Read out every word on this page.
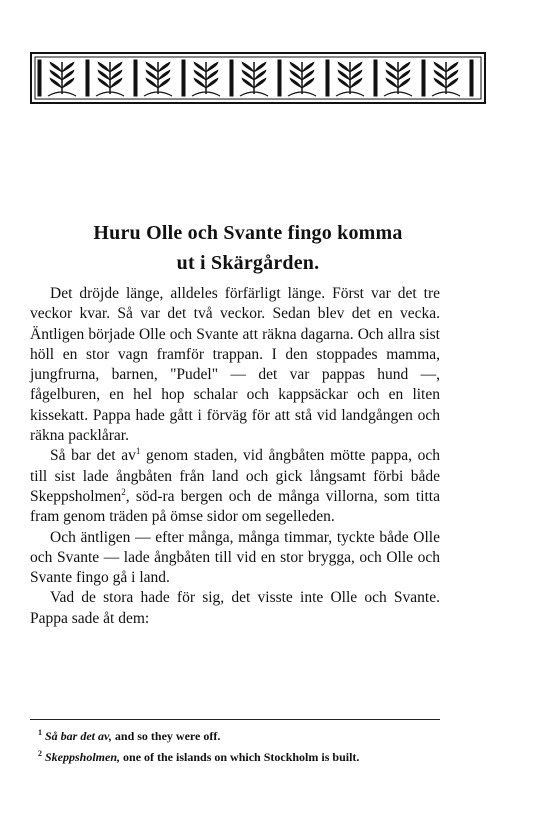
Huru Olle och Svante fingo komma
ut i Skärgården.

Det dröjde länge, alldeles förfärligt länge. Först var det tre veckor kvar. Så var det två veckor. Sedan blev det en vecka. Äntligen började Olle och Svante att räkna dagarna. Och allra sist höll en stor vagn framför trappan. I den stoppades mamma, jungfrurna, barnen, "Pudel" — det var pappas hund —, fågelburen, en hel hop schalar och kappsäckar och en liten kissekatt. Pappa hade gått i förväg för att stå vid landgången och räkna packlårar.

Så bar $\det av^1$ genom staden, vid ångbåten mötte pappa, och till sist lade ångbåten från land och gick långsamt förbi både Skeppsholmen$^2$, söd-ra bergen och de många villorna, som titta fram genom träden på ömse sidor om segelleden.

Och äntligen — efter många, många timmar, tyckte både Olle och Svante — lade ångbåten till vid en stor brygga, och Olle och Svante fingo gå i land.

Vad de stora hade för sig, det visste inte Olle och Svante. Pappa sade åt dem:

$^1$ Så bar det av, and so they were off.
$^2$ Skeppsholmen, one of the islands on which Stockholm is built.
